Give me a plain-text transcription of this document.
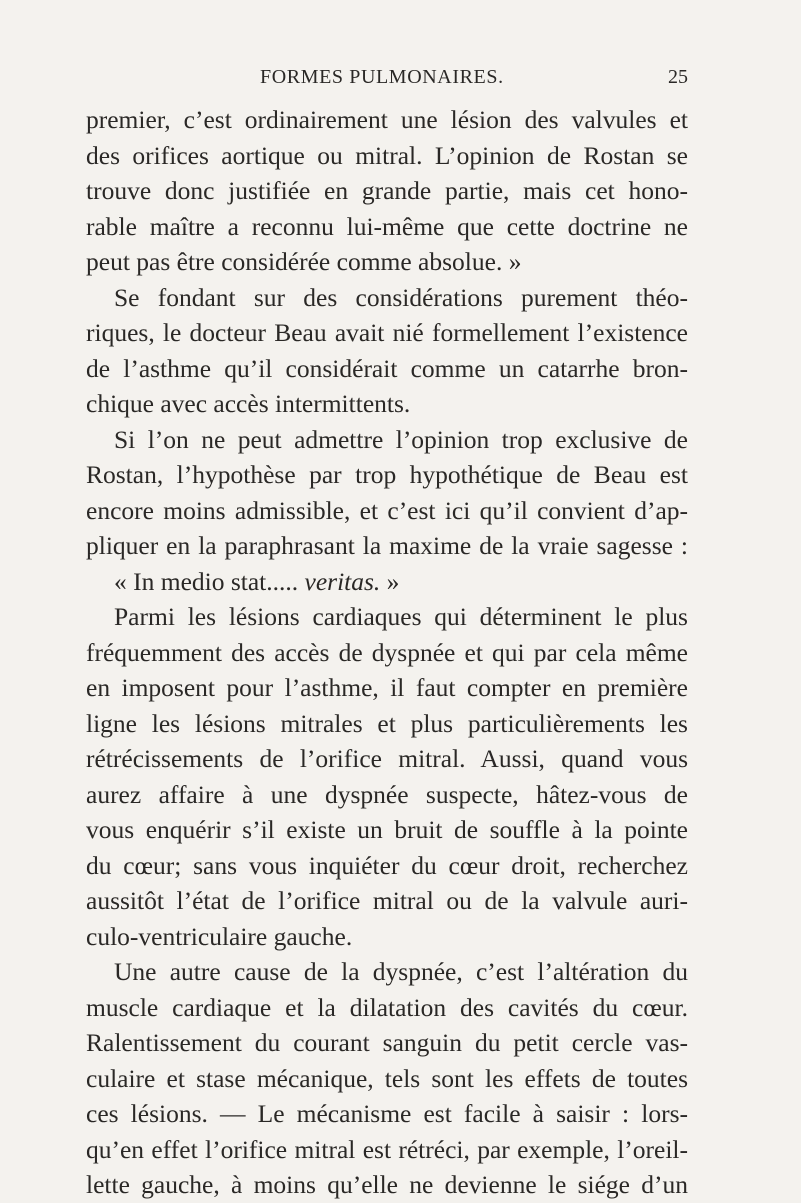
FORMES PULMONAIRES.	25
premier, c’est ordinairement une lésion des valvules et
des orifices aortique ou mitral. L’opinion de Rostan se
trouve donc justifiée en grande partie, mais cet hono-
rable maître a reconnu lui-même que cette doctrine ne
peut pas être considérée comme absolue. »
Se fondant sur des considérations purement théo-
riques, le docteur Beau avait nié formellement l’existence
de l’asthme qu’il considérait comme un catarrhe bron-
chique avec accès intermittents.
Si l’on ne peut admettre l’opinion trop exclusive de
Rostan, l’hypothèse par trop hypothétique de Beau est
encore moins admissible, et c’est ici qu’il convient d’ap-
pliquer en la paraphrasant la maxime de la vraie sagesse :
« In medio stat..... veritas. »
Parmi les lésions cardiaques qui déterminent le plus
fréquemment des accès de dyspnée et qui par cela même
en imposent pour l’asthme, il faut compter en première
ligne les lésions mitrales et plus particulièrements les
rétrécissements de l’orifice mitral. Aussi, quand vous
aurez affaire à une dyspnée suspecte, hâtez-vous de
vous enquérir s’il existe un bruit de souffle à la pointe
du cœur; sans vous inquiéter du cœur droit, recherchez
aussitôt l’état de l’orifice mitral ou de la valvule auri-
culo-ventriculaire gauche.
Une autre cause de la dyspnée, c’est l’altération du
muscle cardiaque et la dilatation des cavités du cœur.
Ralentissement du courant sanguin du petit cercle vas-
culaire et stase mécanique, tels sont les effets de toutes
ces lésions. — Le mécanisme est facile à saisir : lors-
qu’en effet l’orifice mitral est rétréci, par exemple, l’oreil-
lette gauche, à moins qu’elle ne devienne le siége d’un
